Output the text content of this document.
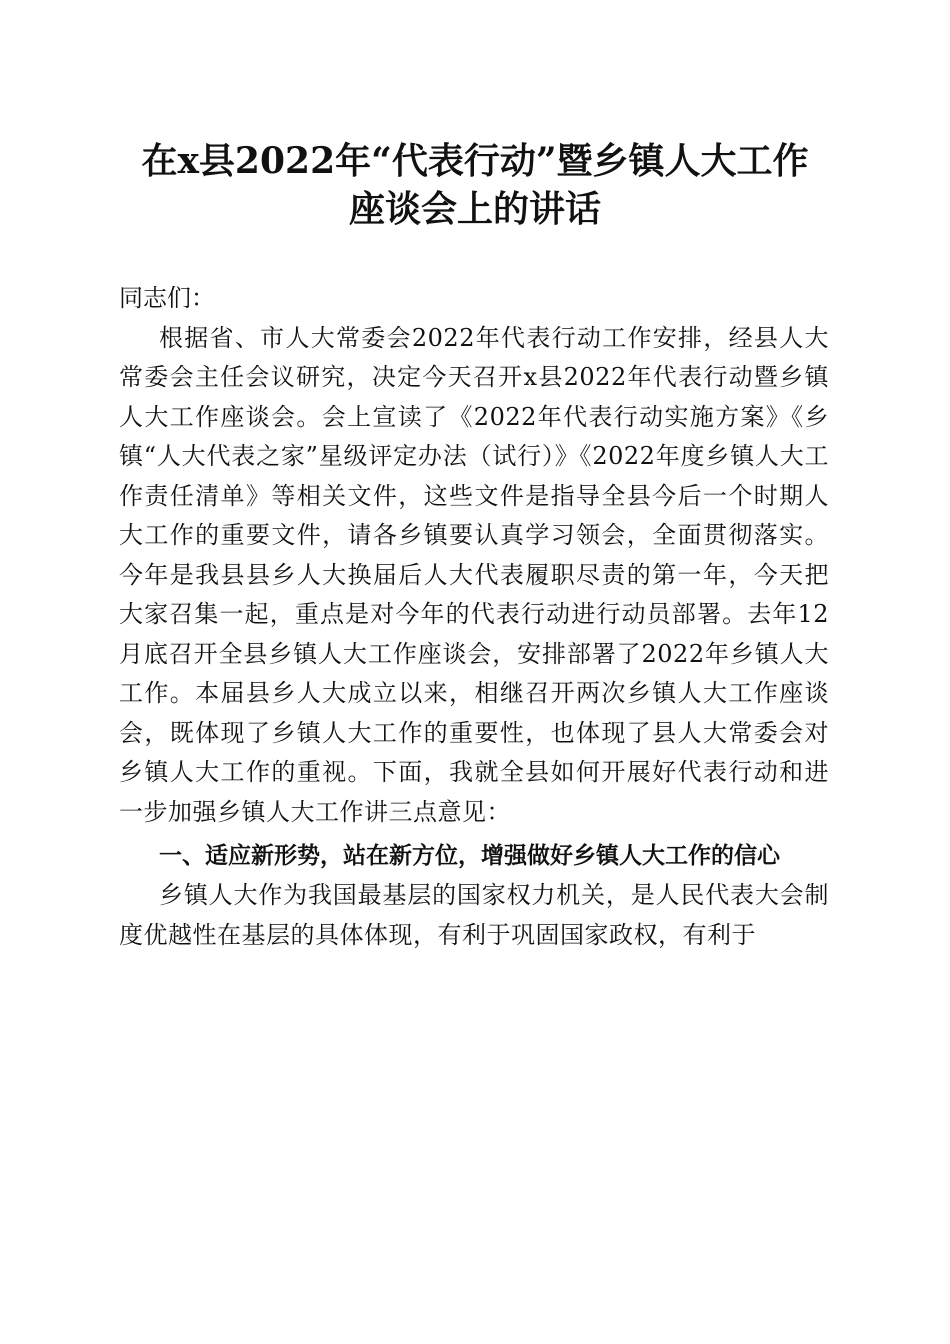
在x县2022年“代表行动”暨乡镇人大工作
座谈会上的讲话

同志们：

根据省、市人大常委会2022年代表行动工作安排，经县人大常委会主任会议研究，决定今天召开x县2022年代表行动暨乡镇人大工作座谈会。会上宣读了《2022年代表行动实施方案》《乡镇“人大代表之家”星级评定办法（试行）》《2022年度乡镇人大工作责任清单》等相关文件，这些文件是指导全县今后一个时期人大工作的重要文件，请各乡镇要认真学习领会，全面贯彻落实。今年是我县县乡人大换届后人大代表履职尽责的第一年，今天把大家召集一起，重点是对今年的代表行动进行动员部署。去年12月底召开全县乡镇人大工作座谈会，安排部署了2022年乡镇人大工作。本届县乡人大成立以来，相继召开两次乡镇人大工作座谈会，既体现了乡镇人大工作的重要性，也体现了县人大常委会对乡镇人大工作的重视。下面，我就全县如何开展好代表行动和进一步加强乡镇人大工作讲三点意见：

一、适应新形势，站在新方位，增强做好乡镇人大工作的信心

乡镇人大作为我国最基层的国家权力机关，是人民代表大会制度优越性在基层的具体体现，有利于巩固国家政权，有利于
